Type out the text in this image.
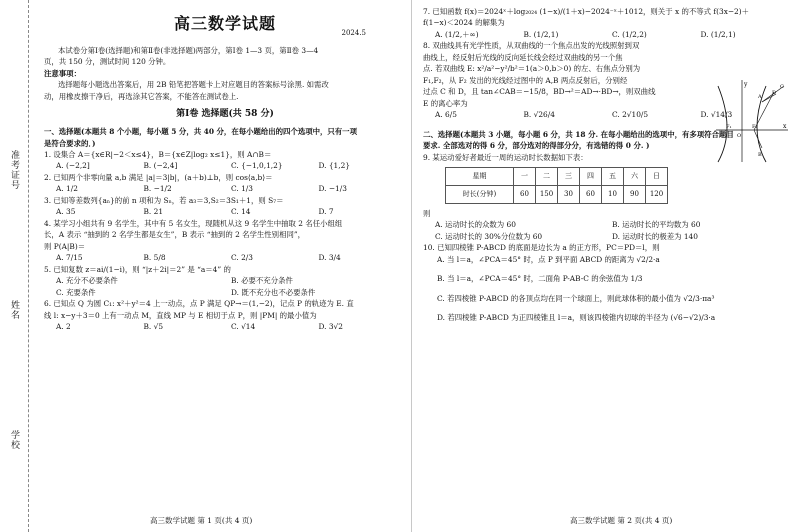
准考证号
姓名
学校
高三数学试题	2024.5
本试卷分第Ⅰ卷(选择题)和第Ⅱ卷(非选择题)两部分，第Ⅰ卷 1—3 页，第Ⅱ卷 3—4
页，共 150 分，测试时间 120 分钟。
注意事项：
选择题每小题选出答案后，用 2B 铅笔把答题卡上对应题目的答案标号涂黑. 如需改
动，用橡皮擦干净后，再选涂其它答案，不能答在测试卷上.
第Ⅰ卷 选择题(共 58 分)
一、选择题(本题共 8 个小题，每小题 5 分，共 40 分，在每小题给出的四个选项中，只有一项
是符合要求的．)
1. 设集合 A＝{x∈R|−2＜x≤4}，B＝{x∈Z|log₂ x≤1}，则 A∩B＝
A. (−2,2]	B. (−2,4]	C. {−1,0,1,2}	D. {1,2}
2. 已知两个非零向量 a,b 满足 |a|＝3|b|，(a＋b)⊥b，则 cos⟨a,b⟩＝
A. 1/2	B. −1/2	C. 1/3	D. −1/3
3. 已知等差数列{aₙ}的前 n 项和为 Sₙ，若 a₃＝3,S₂＝3S₁＋1，则 S₇＝
A. 35	B. 21	C. 14	D. 7
4. 某学习小组共有 9 名学生，其中有 5 名女生，现随机从这 9 名学生中抽取 2 名任小组组
长，A 表示 “抽到的 2 名学生都是女生”，B 表示 “抽到的 2 名学生性别相同”，
则 P(A|B)＝
A. 7/15	B. 5/8	C. 2/3	D. 3/4
5. 已知复数 z＝ai/(1−i)，则 “|z＋2i|＝2” 是 “a＝4” 的
A. 充分不必要条件	B. 必要不充分条件
C. 充要条件	D. 既不充分也不必要条件
6. 已知点 Q 为圆 C₁: x²＋y²＝4 上一动点，点 P 满足 QP→＝(1,−2)，记点 P 的轨迹为 E. 直
线 l: x−y＋3＝0 上有一动点 M，直线 MP 与 E 相切于点 P，则 |PM| 的最小值为
A. 2	B. √5	C. √14	D. 3√2
高三数学试题 第 1 页(共 4 页)
7. 已知函数 f(x)＝2024ˣ＋log₂₀₂₄ (1−x)/(1＋x)−2024⁻ˣ＋1012，则关于 x 的不等式 f(3x−2)＋
f(1−x)＜2024 的解集为
A. (1/2,＋∞)	B. (1/2,1)	C. (1/2,2)	D. (1/2,1)
8. 双曲线具有光学性质，从双曲线的一个焦点出发的光线照射到双
曲线上，经反射后光线的反向延长线会经过双曲线的另一个焦
点. 若双曲线 E: x²/a²−y²/b²＝1(a＞0,b＞0) 的左、右焦点分别为
F₁,F₂，从 F₂ 发出的光线经过图中的 A,B 两点反射后，分别经
过点 C 和 D，且 tan∠CAB＝−15/8，BD→²＝AD→·BD→，则双曲线
E 的离心率为
A. 6/5	B. √26/4	C. 2√10/5	D. √14/3
二、选择题(本题共 3 小题，每小题 6 分，共 18 分. 在每小题给出的选项中，有多项符合题目
要求. 全部选对的得 6 分，部分选对的得部分分，有选错的得 0 分. )
9. 某运动爱好者最近一周的运动时长数据如下表：
星期	一	二	三	四	五	六	日
时长(分钟)	60	150	30	60	10	90	120
则
A. 运动时长的众数为 60	B. 运动时长的平均数为 60
C. 运动时长的 30%分位数为 60	D. 运动时长的极差为 140
10. 已知四棱锥 P-ABCD 的底面是边长为 a 的正方形，PC＝PD＝l，则
A. 当 l＝a，∠PCA＝45° 时，点 P 到平面 ABCD 的距离为 √2/2·a
B. 当 l＝a，∠PCA＝45° 时，二面角 P-AB-C 的余弦值为 1/3
C. 若四棱锥 P-ABCD 的各顶点均在同一个球面上，则此球体积的最小值为 √2/3·πa³
D. 若四棱锥 P-ABCD 为正四棱锥且 l＝a，则该四棱锥内切球的半径为 (√6−√2)/3·a
y
x
O
F₁	F₂
A
B
C
D
高三数学试题 第 2 页(共 4 页)
